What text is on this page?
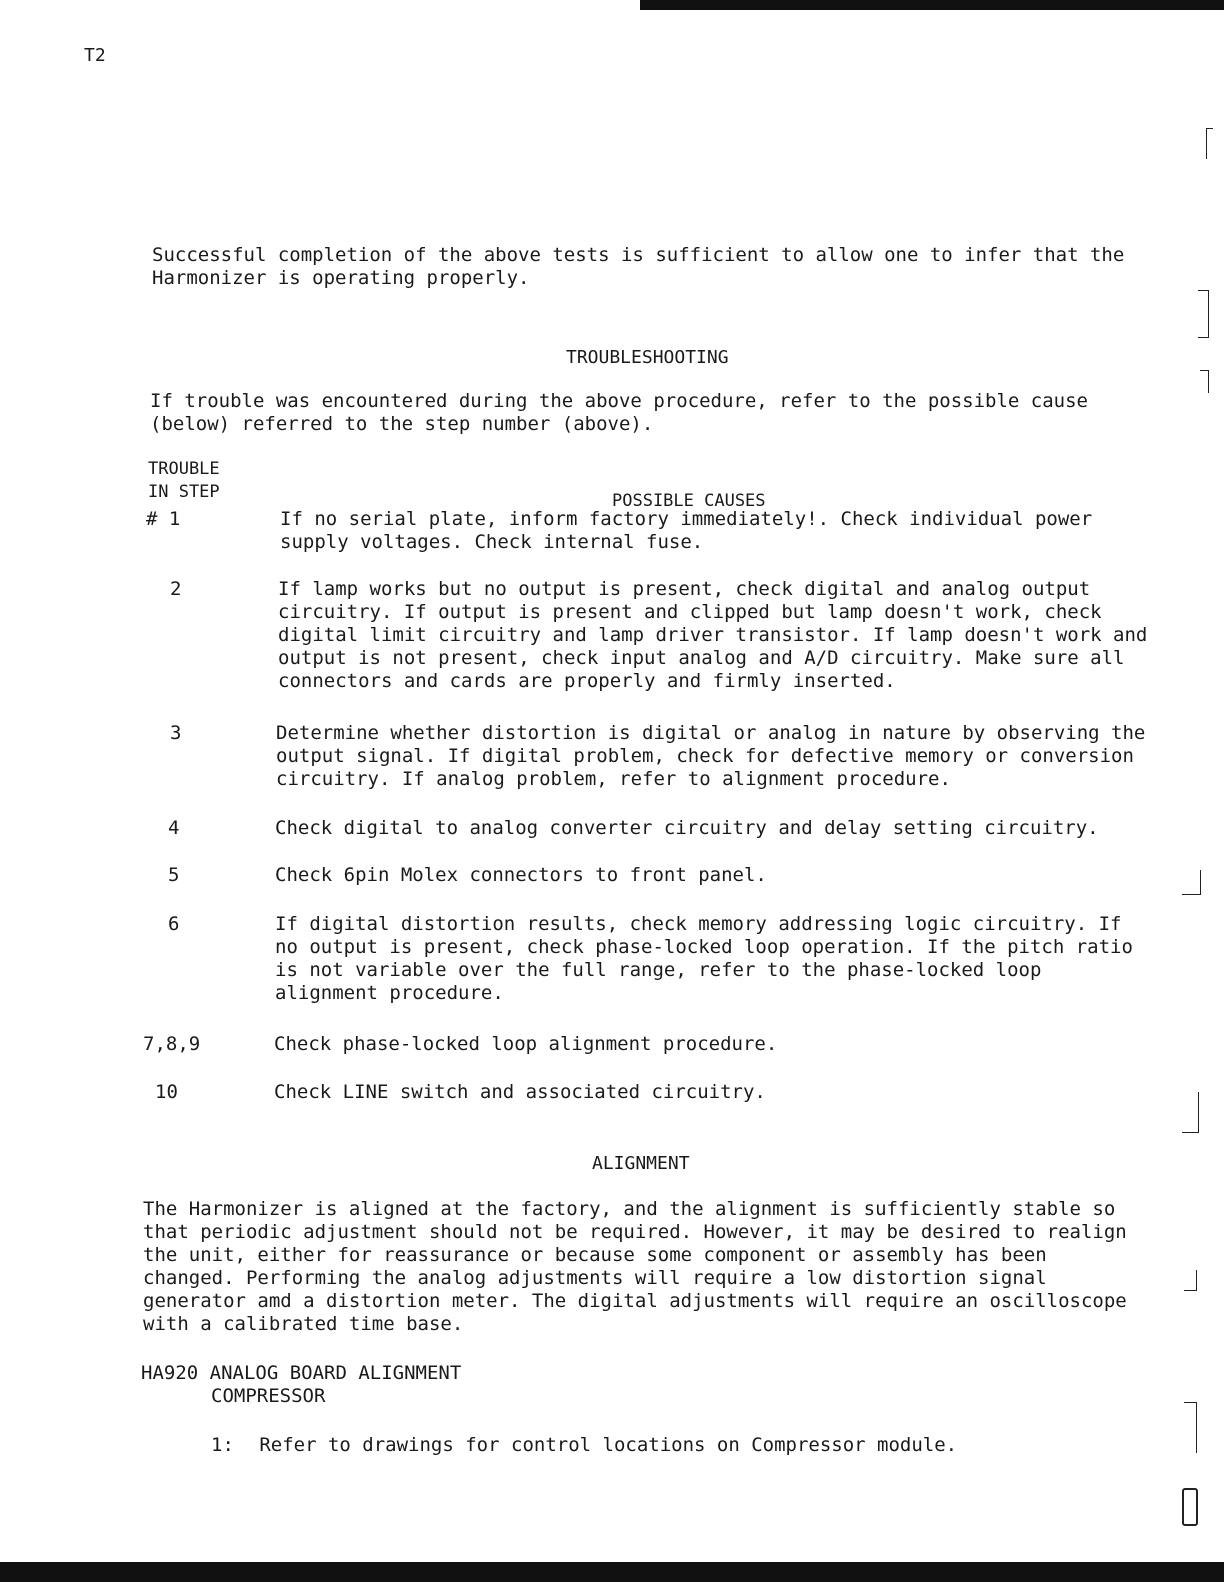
T2
Successful completion of the above tests is sufficient to allow one to infer that the Harmonizer is operating properly.
TROUBLESHOOTING
If trouble was encountered during the above procedure, refer to the possible cause (below) referred to the step number (above).
TROUBLE
IN STEP	POSSIBLE CAUSES
# 1	If no serial plate, inform factory immediately!. Check individual power supply voltages. Check internal fuse.
2	If lamp works but no output is present, check digital and analog output circuitry. If output is present and clipped but lamp doesn't work, check digital limit circuitry and lamp driver transistor. If lamp doesn't work and output is not present, check input analog and A/D circuitry. Make sure all connectors and cards are properly and firmly inserted.
3	Determine whether distortion is digital or analog in nature by observing the output signal. If digital problem, check for defective memory or conversion circuitry. If analog problem, refer to alignment procedure.
4	Check digital to analog converter circuitry and delay setting circuitry.
5	Check 6pin Molex connectors to front panel.
6	If digital distortion results, check memory addressing logic circuitry. If no output is present, check phase-locked loop operation. If the pitch ratio is not variable over the full range, refer to the phase-locked loop alignment procedure.
7,8,9	Check phase-locked loop alignment procedure.
10	Check LINE switch and associated circuitry.
ALIGNMENT
The Harmonizer is aligned at the factory, and the alignment is sufficiently stable so that periodic adjustment should not be required. However, it may be desired to realign the unit, either for reassurance or because some component or assembly has been changed. Performing the analog adjustments will require a low distortion signal generator amd a distortion meter. The digital adjustments will require an oscilloscope with a calibrated time base.
HA920 ANALOG BOARD ALIGNMENT
COMPRESSOR
1: Refer to drawings for control locations on Compressor module.
